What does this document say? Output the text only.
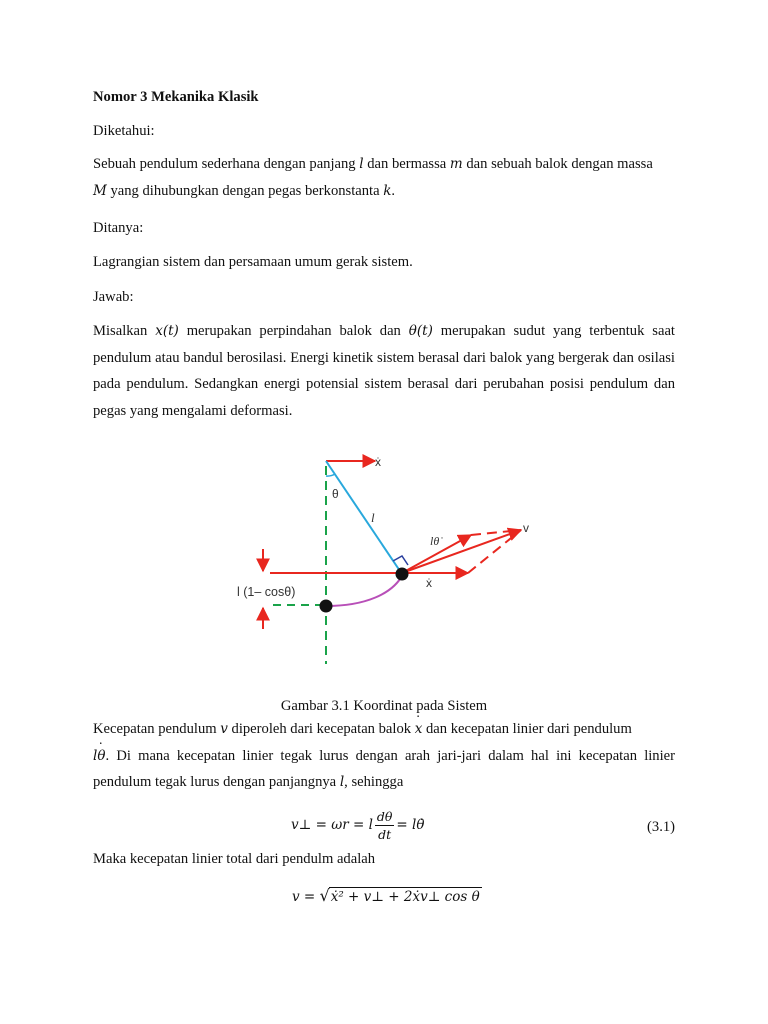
Nomor 3 Mekanika Klasik

Diketahui:

Sebuah pendulum sederhana dengan panjang l dan bermassa m dan sebuah balok dengan massa
M yang dihubungkan dengan pegas berkonstanta k.

Ditanya:

Lagrangian sistem dan persamaan umum gerak sistem.

Jawab:

Misalkan x(t) merupakan perpindahan balok dan θ(t) merupakan sudut yang terbentuk saat pendulum atau bandul berosilasi. Energi kinetik sistem berasal dari balok yang bergerak dan osilasi pada pendulum. Sedangkan energi potensial sistem berasal dari perubahan posisi pendulum dan pegas yang mengalami deformasi.

Gambar 3.1 Koordinat pada Sistem

Kecepatan pendulum v diperoleh dari kecepatan balok x ˙ dan kecepatan linier dari pendulum
lθ ˙. Di mana kecepatan linier tegak lurus dengan arah jari-jari dalam hal ini kecepatan linier pendulum tegak lurus dengan panjangnya l, sehingga

v⊥ = ωr = l $\frac{d\theta}{dt}$ = lθ̇	(3.1)

Maka kecepatan linier total dari pendulm adalah

v = √ẋ² + v⊥ + 2ẋv⊥ cos θ
ẋ
θ
l
lθ̇
v
ẋ
l (1– cosθ)
